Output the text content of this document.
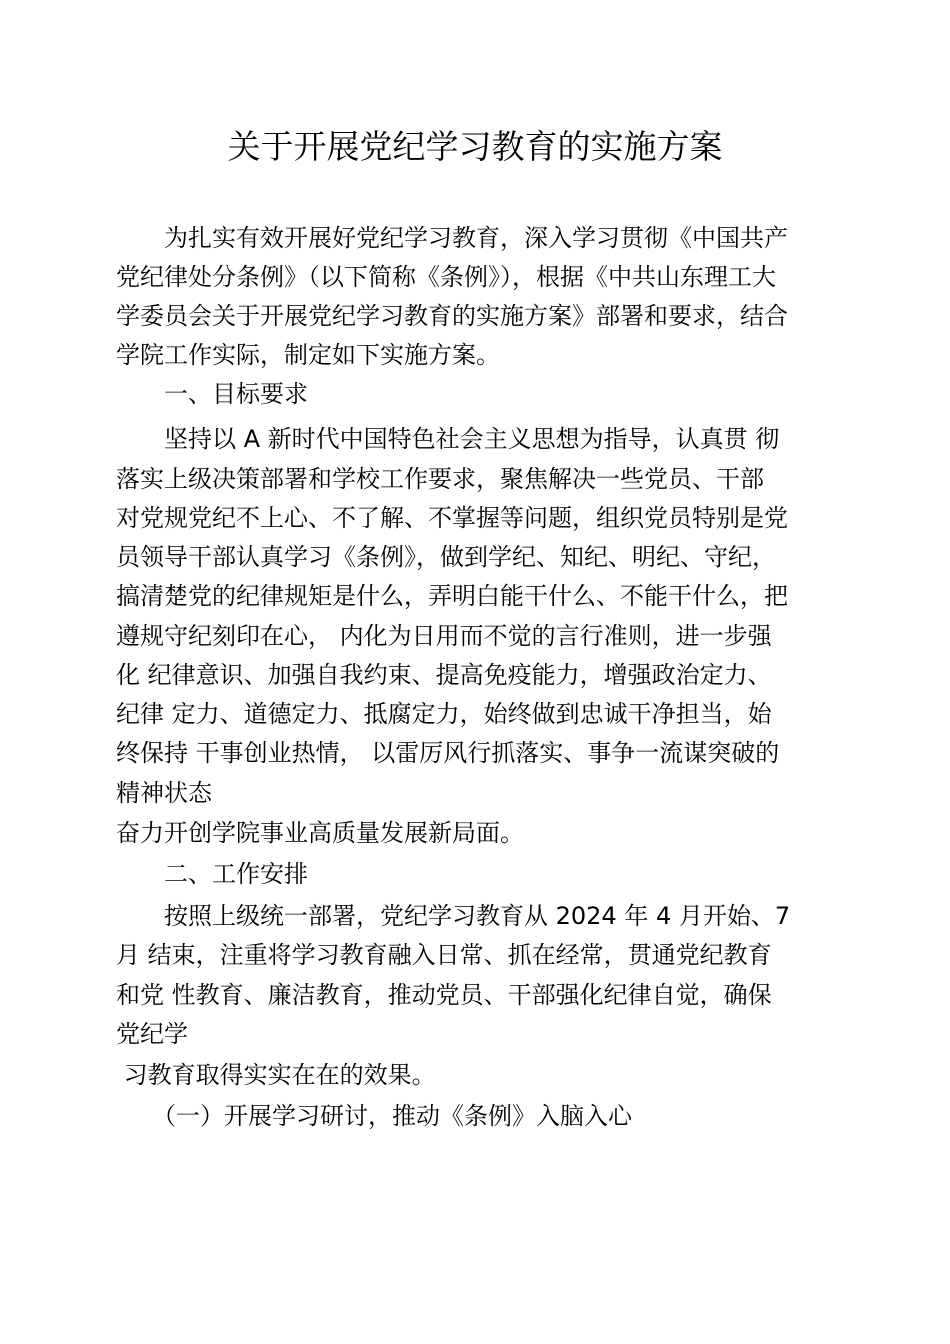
关于开展党纪学习教育的实施方案
　　为扎实有效开展好党纪学习教育，深入学习贯彻《中国共产
党纪律处分条例》（以下简称《条例》），根据《中共山东理工大
学委员会关于开展党纪学习教育的实施方案》部署和要求，结合
学院工作实际，制定如下实施方案。
　　一、目标要求
　　坚持以 A 新时代中国特色社会主义思想为指导，认真贯 彻
落实上级决策部署和学校工作要求，聚焦解决一些党员、干部
对党规党纪不上心、不了解、不掌握等问题，组织党员特别是党
员领导干部认真学习《条例》，做到学纪、知纪、明纪、守纪，
搞清楚党的纪律规矩是什么，弄明白能干什么、不能干什么，把
遵规守纪刻印在心， 内化为日用而不觉的言行准则，进一步强
化 纪律意识、加强自我约束、提高免疫能力，增强政治定力、
纪律 定力、道德定力、抵腐定力，始终做到忠诚干净担当，始
终保持 干事创业热情， 以雷厉风行抓落实、事争一流谋突破的
精神状态
奋力开创学院事业高质量发展新局面。
　　二、工作安排
　　按照上级统一部署，党纪学习教育从 2024 年 4 月开始、7
月 结束，注重将学习教育融入日常、抓在经常，贯通党纪教育
和党 性教育、廉洁教育，推动党员、干部强化纪律自觉，确保
党纪学
习教育取得实实在在的效果。
　　（一）开展学习研讨，推动《条例》入脑入心
